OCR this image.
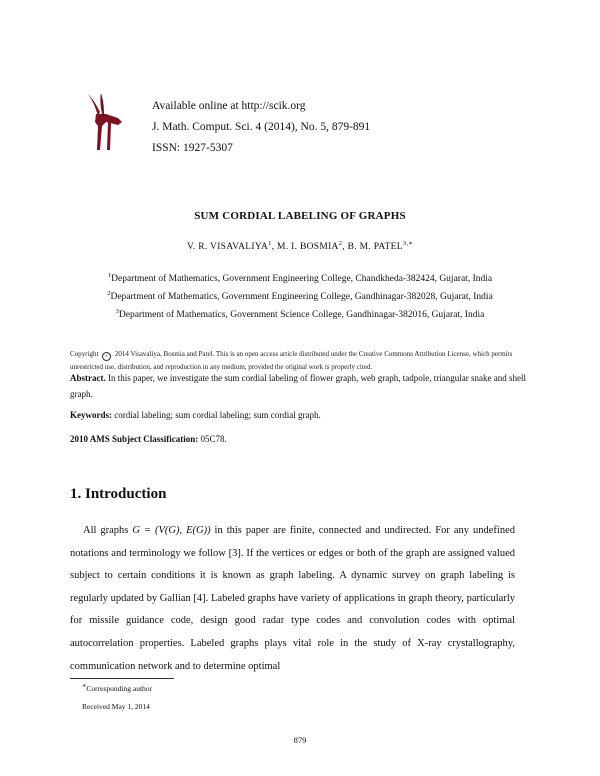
Available online at http://scik.org
J. Math. Comput. Sci. 4 (2014), No. 5, 879-891
ISSN: 1927-5307
SUM CORDIAL LABELING OF GRAPHS
V. R. VISAVALIYA$^1$, M. I. BOSMIA$^2$, B. M. $PATEL^{3,∗}$
$^1$Department of Mathematics, Government Engineering College, Chandkheda-382424, Gujarat, India
$^2$Department of Mathematics, Government Engineering College, Gandhinagar-382028, Gujarat, India
$^3$Department of Mathematics, Government Science College, Gandhinagar-382016, Gujarat, India
Copyright c 2014 Visavaliya, Bosmia and Patel. This is an open access article distributed under the Creative Commons Attribution License, which permits unrestricted use, distribution, and reproduction in any medium, provided the original work is properly cited.
Abstract. In this paper, we investigate the sum cordial labeling of flower graph, web graph, tadpole, triangular snake and shell graph.
Keywords: cordial labeling; sum cordial labeling; sum cordial graph.
2010 AMS Subject Classification: 05C78.
1. Introduction

All graphs G = (V(G), E(G)) in this paper are finite, connected and undirected. For any undefined notations and terminology we follow [3]. If the vertices or edges or both of the graph are assigned valued subject to certain conditions it is known as graph labeling. A dynamic survey on graph labeling is regularly updated by Gallian [4]. Labeled graphs have variety of applications in graph theory, particularly for missile guidance code, design good radar type codes and convolution codes with optimal autocorrelation properties. Labeled graphs plays vital role in the study of X-ray crystallography, communication network and to determine optimal

∗Corresponding author
Received May 1, 2014
879
